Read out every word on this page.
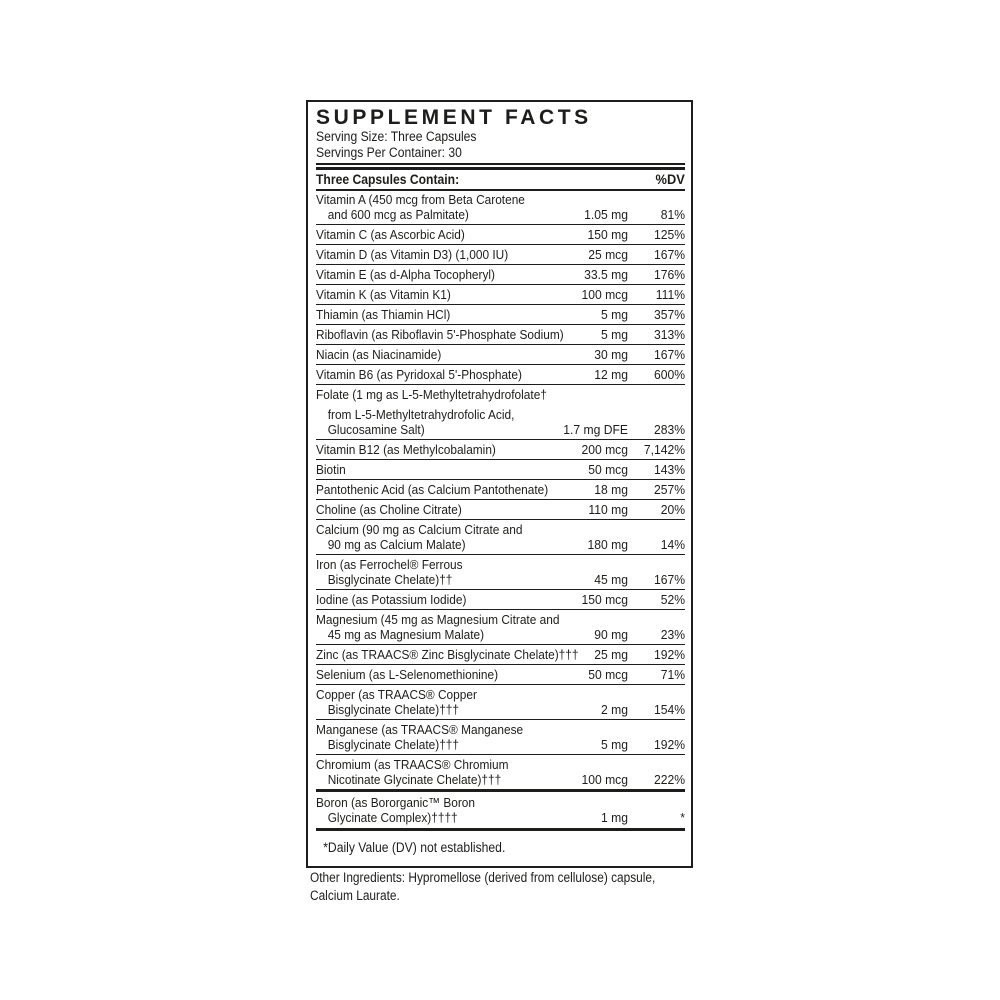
SUPPLEMENT FACTS
Serving Size: Three Capsules
Servings Per Container: 30
Three Capsules Contain:	%DV
Vitamin A (450 mcg from Beta Carotene
and 600 mcg as Palmitate)	1.05 mg	81%
Vitamin C (as Ascorbic Acid)	150 mg	125%
Vitamin D (as Vitamin D3) (1,000 IU)	25 mcg	167%
Vitamin E (as d-Alpha Tocopheryl)	33.5 mg	176%
Vitamin K (as Vitamin K1)	100 mcg	111%
Thiamin (as Thiamin HCl)	5 mg	357%
Riboflavin (as Riboflavin 5'-Phosphate Sodium)	5 mg	313%
Niacin (as Niacinamide)	30 mg	167%
Vitamin B6 (as Pyridoxal 5'-Phosphate)	12 mg	600%
Folate (1 mg as L-5-Methyltetrahydrofolate†
from L-5-Methyltetrahydrofolic Acid,
Glucosamine Salt)	1.7 mg DFE	283%
Vitamin B12 (as Methylcobalamin)	200 mcg	7,142%
Biotin	50 mcg	143%
Pantothenic Acid (as Calcium Pantothenate)	18 mg	257%
Choline (as Choline Citrate)	110 mg	20%
Calcium (90 mg as Calcium Citrate and
90 mg as Calcium Malate)	180 mg	14%
Iron (as Ferrochel® Ferrous
Bisglycinate Chelate)††	45 mg	167%
Iodine (as Potassium Iodide)	150 mcg	52%
Magnesium (45 mg as Magnesium Citrate and
45 mg as Magnesium Malate)	90 mg	23%
Zinc (as TRAACS® Zinc Bisglycinate Chelate)†††	25 mg	192%
Selenium (as L-Selenomethionine)	50 mcg	71%
Copper (as TRAACS® Copper
Bisglycinate Chelate)†††	2 mg	154%
Manganese (as TRAACS® Manganese
Bisglycinate Chelate)†††	5 mg	192%
Chromium (as TRAACS® Chromium
Nicotinate Glycinate Chelate)†††	100 mcg	222%
Boron (as Bororganic™ Boron
Glycinate Complex)††††	1 mg	*
*Daily Value (DV) not established.
Other Ingredients: Hypromellose (derived from cellulose) capsule,
Calcium Laurate.
